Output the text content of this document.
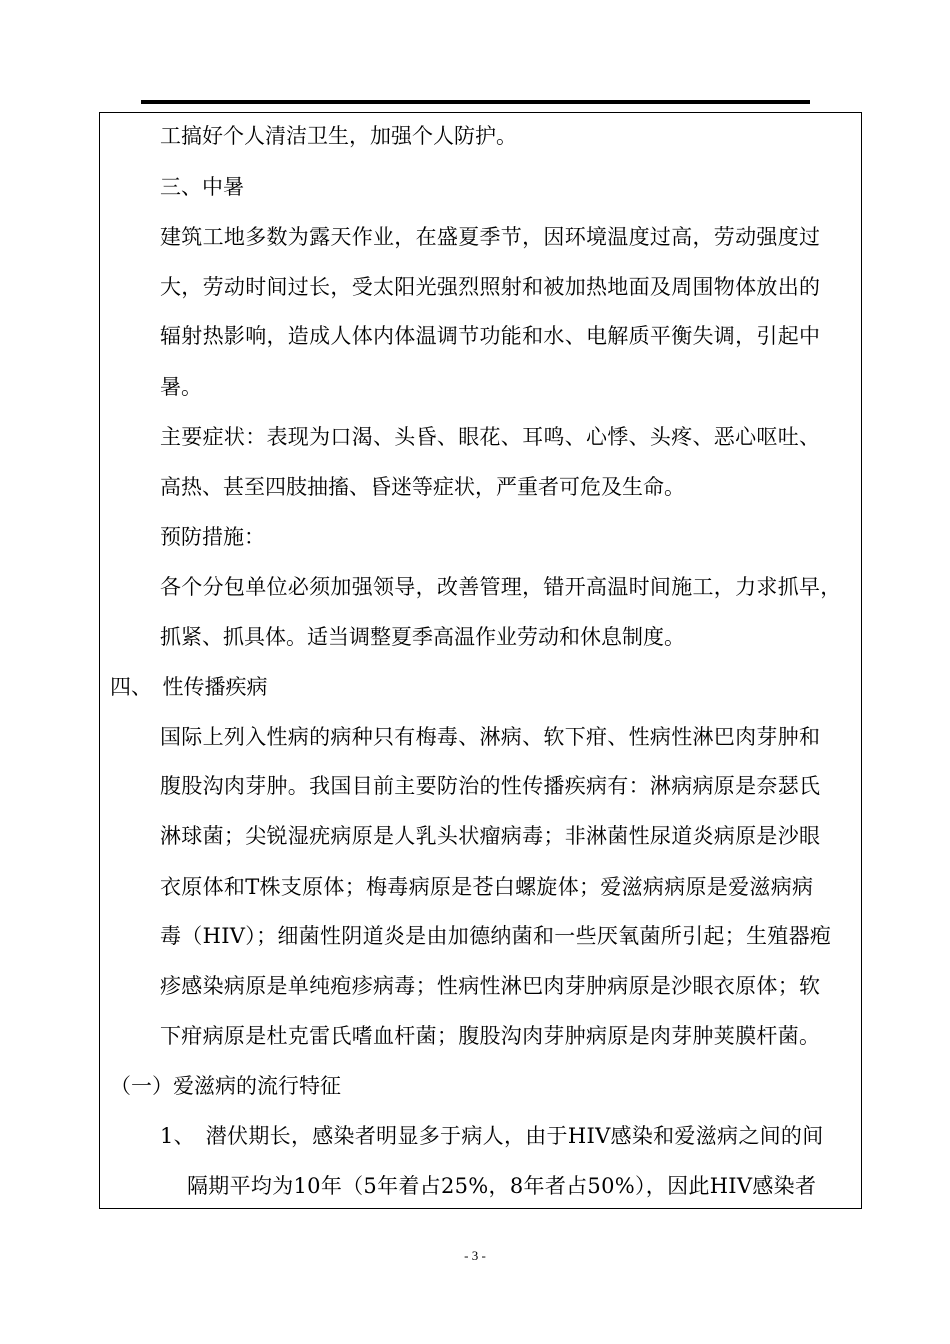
工搞好个人清洁卫生，加强个人防护。
三、中暑
建筑工地多数为露天作业，在盛夏季节，因环境温度过高，劳动强度过
大，劳动时间过长，受太阳光强烈照射和被加热地面及周围物体放出的
辐射热影响，造成人体内体温调节功能和水、电解质平衡失调，引起中
暑。
主要症状：表现为口渴、头昏、眼花、耳鸣、心悸、头疼、恶心呕吐、
高热、甚至四肢抽搐、昏迷等症状，严重者可危及生命。
预防措施：
各个分包单位必须加强领导，改善管理，错开高温时间施工，力求抓早，
抓紧、抓具体。适当调整夏季高温作业劳动和休息制度。
四、　性传播疾病
国际上列入性病的病种只有梅毒、淋病、软下疳、性病性淋巴肉芽肿和
腹股沟肉芽肿。我国目前主要防治的性传播疾病有：淋病病原是奈瑟氏
淋球菌；尖锐湿疣病原是人乳头状瘤病毒；非淋菌性尿道炎病原是沙眼
衣原体和T株支原体；梅毒病原是苍白螺旋体；爱滋病病原是爱滋病病
毒（HIV）；细菌性阴道炎是由加德纳菌和一些厌氧菌所引起；生殖器疱
疹感染病原是单纯疱疹病毒；性病性淋巴肉芽肿病原是沙眼衣原体；软
下疳病原是杜克雷氏嗜血杆菌；腹股沟肉芽肿病原是肉芽肿荚膜杆菌。
（一）爱滋病的流行特征
1、　潜伏期长，感染者明显多于病人，由于HIV感染和爱滋病之间的间
隔期平均为10年（5年着占25%，8年者占50%），因此HIV感染者
- 3 -
